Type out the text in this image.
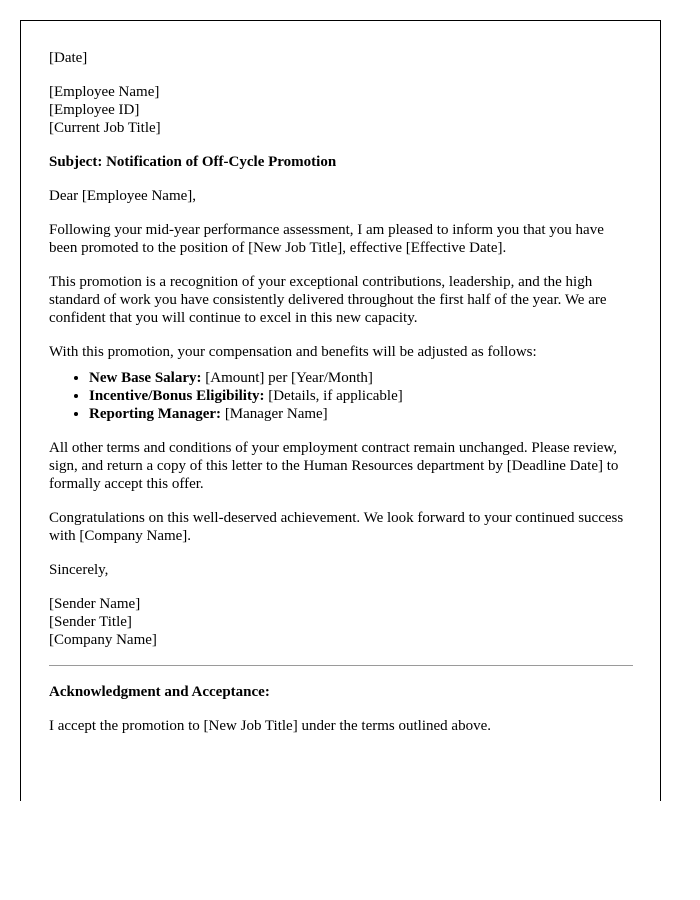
[Date]

[Employee Name]
[Employee ID]
[Current Job Title]

Subject: Notification of Off-Cycle Promotion

Dear [Employee Name],

Following your mid-year performance assessment, I am pleased to inform you that you have been promoted to the position of [New Job Title], effective [Effective Date].

This promotion is a recognition of your exceptional contributions, leadership, and the high standard of work you have consistently delivered throughout the first half of the year. We are confident that you will continue to excel in this new capacity.

With this promotion, your compensation and benefits will be adjusted as follows:

• New Base Salary: [Amount] per [Year/Month]
• Incentive/Bonus Eligibility: [Details, if applicable]
• Reporting Manager: [Manager Name]

All other terms and conditions of your employment contract remain unchanged. Please review, sign, and return a copy of this letter to the Human Resources department by [Deadline Date] to formally accept this offer.

Congratulations on this well-deserved achievement. We look forward to your continued success with [Company Name].

Sincerely,

[Sender Name]
[Sender Title]
[Company Name]

Acknowledgment and Acceptance:

I accept the promotion to [New Job Title] under the terms outlined above.
